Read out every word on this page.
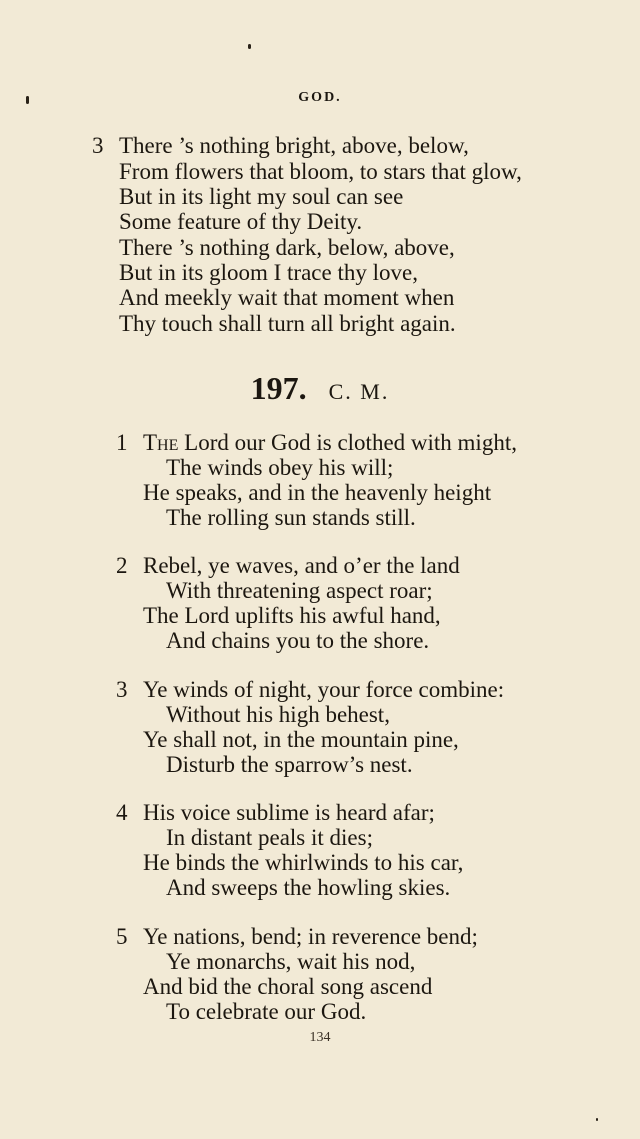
GOD.
3 There ’s nothing bright, above, below,
From flowers that bloom, to stars that glow,
But in its light my soul can see
Some feature of thy Deity.
There ’s nothing dark, below, above,
But in its gloom I trace thy love,
And meekly wait that moment when
Thy touch shall turn all bright again.
197. C. M.
1 The Lord our God is clothed with might,
The winds obey his will;
He speaks, and in the heavenly height
The rolling sun stands still.
2 Rebel, ye waves, and o’er the land
With threatening aspect roar;
The Lord uplifts his awful hand,
And chains you to the shore.
3 Ye winds of night, your force combine:
Without his high behest,
Ye shall not, in the mountain pine,
Disturb the sparrow’s nest.
4 His voice sublime is heard afar;
In distant peals it dies;
He binds the whirlwinds to his car,
And sweeps the howling skies.
5 Ye nations, bend; in reverence bend;
Ye monarchs, wait his nod,
And bid the choral song ascend
To celebrate our God.
134
